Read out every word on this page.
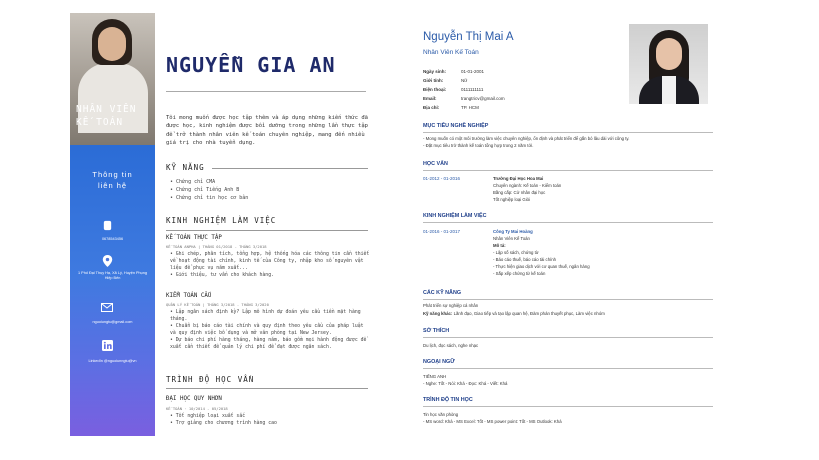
NHÂN VIÊN
KẾ TOÁN
Thông tin
liên hệ
0678543456
1 Phố Đại Thụy Hạ, Xã Lý, Huyện Phụng Hiệp Bến
nguoiungtu@gmail.com
LinkedIn @nguoiunngtu@vn
NGUYỄN GIA AN
Tôi mong muốn được học tập thêm và áp dụng những kiến thức đã được học, kinh nghiệm được bồi dưỡng trong những lần thực tập để trở thành nhân viên kế toán chuyên nghiệp, mang đến nhiều giá trị cho nhà tuyển dụng.
KỸ NĂNG
• Chứng chỉ CMA
• Chứng chỉ Tiếng Anh B
• Chứng chỉ tin học cơ bản
KINH NGHIỆM LÀM VIỆC
KẾ TOÁN THỰC TẬP
KẾ TOÁN ANPHA | THÁNG 01/2018 - THÁNG 3/2018
• Ghi chép, phân tích, tổng hợp, hệ thống hóa các thông tin cần thiết về hoạt động tài chính, kinh tế của Công ty, nhập kho số nguyên vật liệu để phục vụ năm xuất...
• Giới thiệu, tư vấn cho khách hàng.
KIỂM TOÁN CẤU
QUẢN LÝ KẾ TOÁN | THÁNG 3/2018 - THÁNG 3/2020
• Lập ngân sách định kỳ? Lập mô hình dự đoán yêu cầu tiền mặt hàng tháng.
• Chuẩn bị báo cáo tài chính và quy định theo yêu cầu của pháp luật và quy định việc bố dụng và mở văn phòng tại New Jersey.
• Dự báo chi phí hàng tháng, hàng năm, báo gồm mọi hành động được đề xuất cần thiết để quản lý chi phí để đạt được ngân sách.
TRÌNH ĐỘ HỌC VẤN
ĐẠI HỌC QUY NHƠN
KẾ TOÁN · 10/2014 - 05/2018
• Tốt nghiệp loại xuất sắc
• Trợ giảng cho chương trình hàng cao
Nguyễn Thị Mai A
Nhân Viên Kế Toán
Ngày sinh:	01-01-2001
Giới tính:	Nữ
Điện thoại:	0111111111
Email:	trangtricv@gmail.com
Địa chỉ:	TP. HCM
MỤC TIÊU NGHỀ NGHIỆP
- Mong muốn có một môi trường làm việc chuyên nghiệp, ổn định và phát triển để gắn bó lâu dài với công ty.
- Đặt mục tiêu trở thành kế toán tổng hợp trong 2 năm tới.
HỌC VẤN
01-2012 - 01-2016	Trường Đại Học Hoa Mai
Chuyên ngành: Kế toán - Kiểm toán
Bằng cấp: Cử nhân đại học
Tốt nghiệp loại Giỏi
KINH NGHIỆM LÀM VIỆC
01-2016 - 01-2017	Công Ty Mai Hoàng
Nhân Viên Kế Toán
Mô tả:
- Lập số sách, chứng từ
- Báo cáo thuế, báo cáo tài chính
- Thực hiện giao dịch với cơ quan thuế, ngân hàng
- Sắp xếp chứng từ kế toán
CÁC KỸ NĂNG
Phát triển sự nghiệp cá nhân
Kỹ năng khác: Lãnh đạo, Giao tiếp và tạo lập quan hệ, Đàm phán thuyết phục, Làm việc nhóm
SỞ THÍCH
Du lịch, đọc sách, nghe nhạc
NGOẠI NGỮ
TIẾNG ANH
- Nghe: Tốt - Nói: Khá - Đọc: Khá - Viết: Khá
TRÌNH ĐỘ TIN HỌC
Tin học văn phòng
- MS word: Khá - MS Excel: Tốt - MS power point: Tốt - MS Outlook: Khá
